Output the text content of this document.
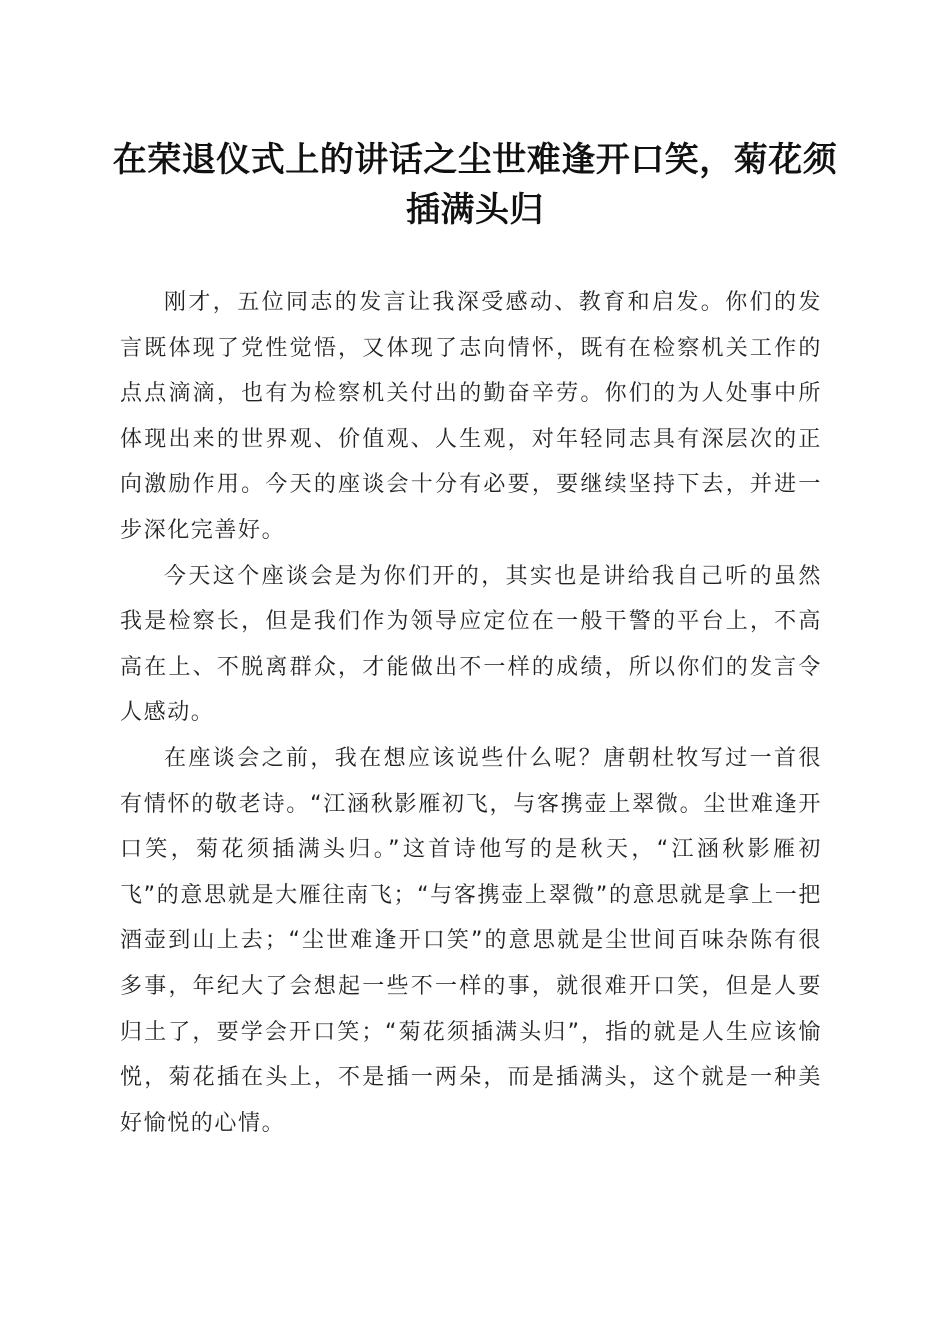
在荣退仪式上的讲话之尘世难逢开口笑，菊花须插满头归

刚才，五位同志的发言让我深受感动、教育和启发。你们的发言既体现了党性觉悟，又体现了志向情怀，既有在检察机关工作的点点滴滴，也有为检察机关付出的勤奋辛劳。你们的为人处事中所体现出来的世界观、价值观、人生观，对年轻同志具有深层次的正向激励作用。今天的座谈会十分有必要，要继续坚持下去，并进一步深化完善好。

今天这个座谈会是为你们开的，其实也是讲给我自己听的虽然我是检察长，但是我们作为领导应定位在一般干警的平台上，不高高在上、不脱离群众，才能做出不一样的成绩，所以你们的发言令人感动。

在座谈会之前，我在想应该说些什么呢？唐朝杜牧写过一首很有情怀的敬老诗。“江涵秋影雁初飞，与客携壶上翠微。尘世难逢开口笑，菊花须插满头归。”这首诗他写的是秋天，“江涵秋影雁初飞”的意思就是大雁往南飞；“与客携壶上翠微”的意思就是拿上一把酒壶到山上去；“尘世难逢开口笑”的意思就是尘世间百味杂陈有很多事，年纪大了会想起一些不一样的事，就很难开口笑，但是人要归土了，要学会开口笑；“菊花须插满头归”，指的就是人生应该愉悦，菊花插在头上，不是插一两朵，而是插满头，这个就是一种美好愉悦的心情。
